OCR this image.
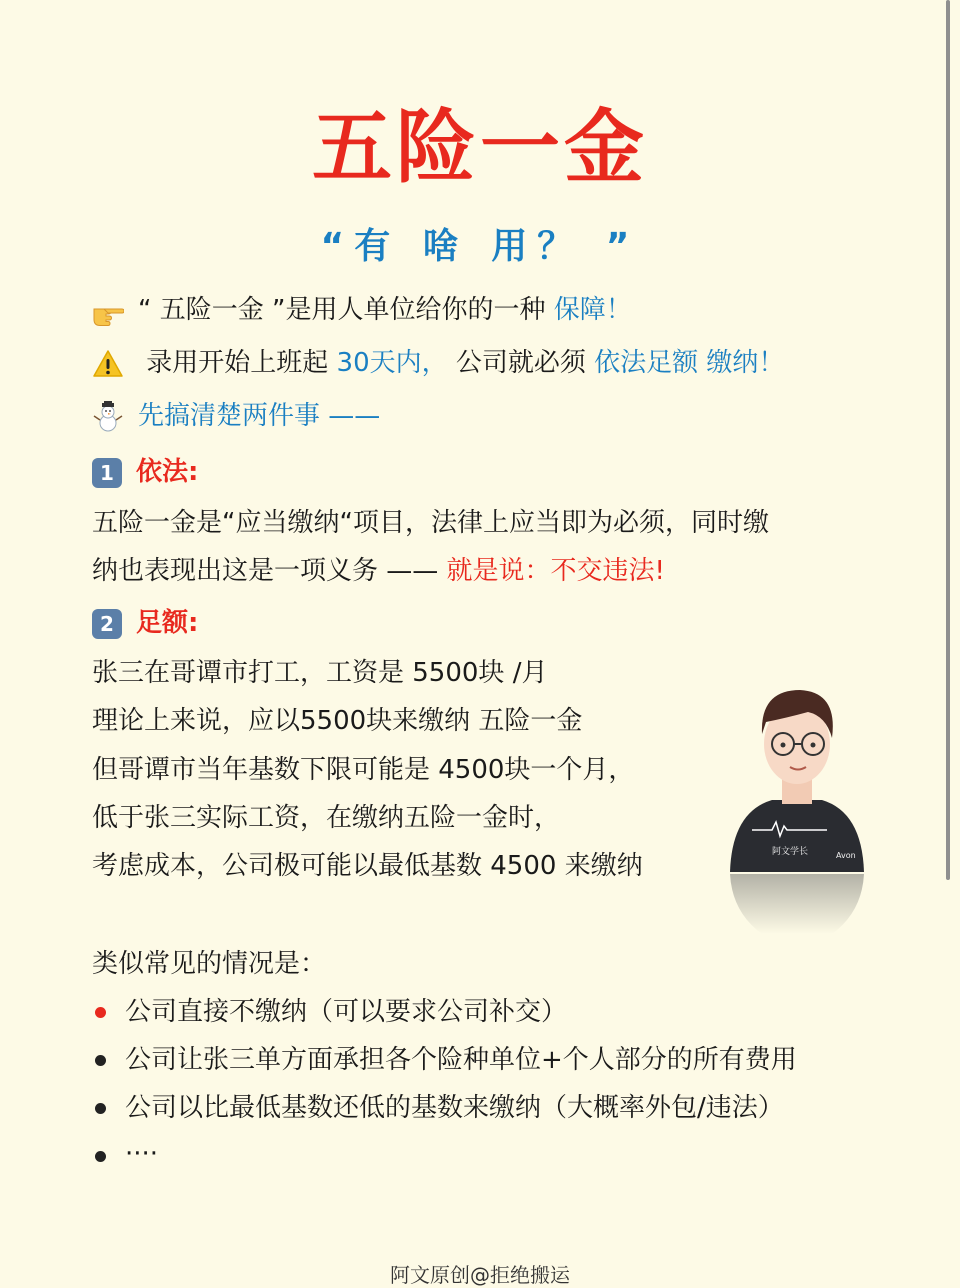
五险一金
“有 啥 用？ ”
“ 五险一金 ”是用人单位给你的一种 保障！
录用开始上班起 30天内， 公司就必须 依法足额 缴纳！
先搞清楚两件事 ——
1 依法:
五险一金是“应当缴纳“项目，法律上应当即为必须，同时缴
纳也表现出这是一项义务 —— 就是说：不交违法!
2 足额:
张三在哥谭市打工，工资是 5500块 /月
理论上来说，应以5500块来缴纳 五险一金
但哥谭市当年基数下限可能是 4500块一个月，
低于张三实际工资，在缴纳五险一金时，
考虑成本，公司极可能以最低基数 4500 来缴纳	阿文学长	Avon
类似常见的情况是：
公司直接不缴纳（可以要求公司补交）
公司让张三单方面承担各个险种单位+个人部分的所有费用
公司以比最低基数还低的基数来缴纳（大概率外包/违法）
····
阿文原创@拒绝搬运
